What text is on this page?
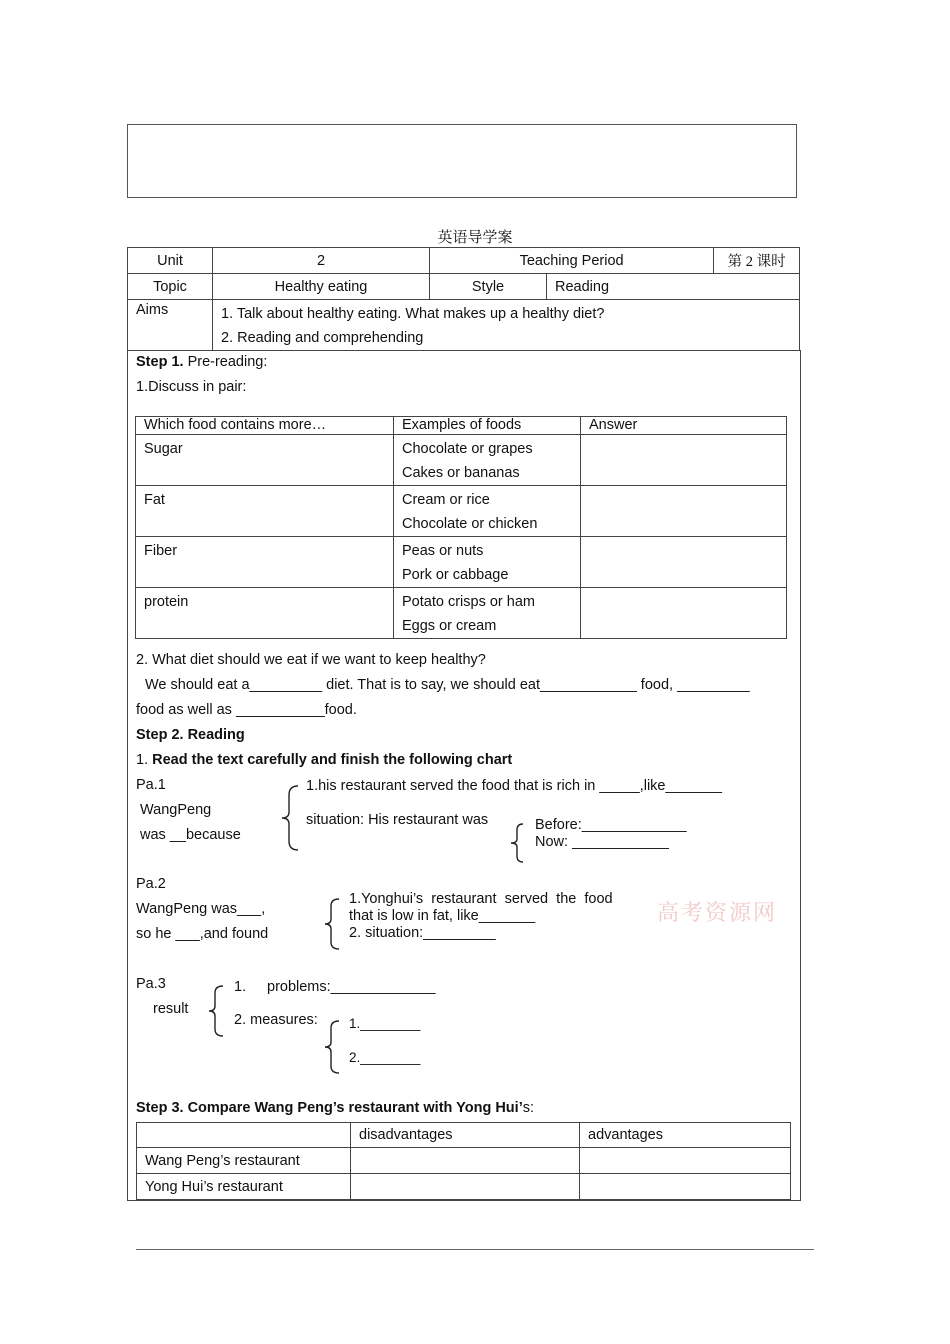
英语导学案
Unit	2	Teaching Period		第 2 课时
Topic	Healthy eating	Style	Reading	
Aims	1. Talk about healthy eating. What makes up a healthy diet?
2. Reading and comprehending			
Step 1. Pre-reading:
1.Discuss in pair:
Which food contains more…	Examples of foods	Answer
Sugar	Chocolate or grapes
Cakes or bananas	

Fat	Cream or rice
Chocolate or chicken	

Fiber	Peas or nuts
Pork or cabbage	

protein	Potato crisps or ham
Eggs or cream	

2. What diet should we eat if we want to keep healthy?
We should eat a_________ diet. That is to say, we should eat____________ food, _________
food as well as ___________food.
Step 2. Reading
1. Read the text carefully and finish the following chart
Pa.1
WangPeng
was __because
1.his restaurant served the food that is rich in _____,like_______
situation: His restaurant was	Before:_____________
Now: ____________
Pa.2
WangPeng was___,
so he ___,and found
1.Yonghui’s  restaurant  served  the  food
that is low in fat, like_______
2. situation:_________
高考资源网
Pa.3
result
1. problems:_____________
2. measures: 1.________
2.________
Step 3. Compare Wang Peng’s restaurant with Yong Hui’s:
	disadvantages	advantages
Wang Peng’s restaurant		
Yong Hui’s restaurant		
